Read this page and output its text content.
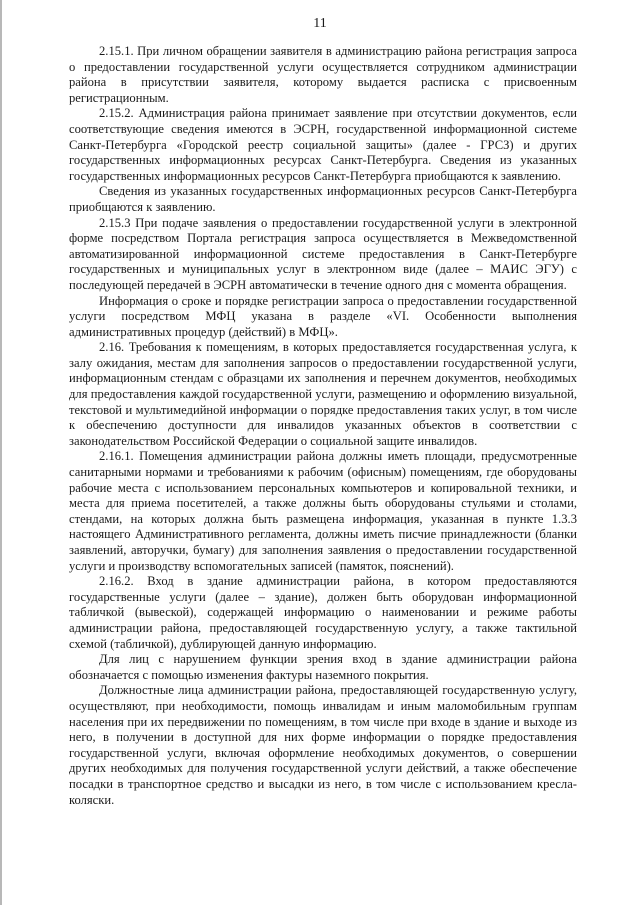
11

2.15.1. При личном обращении заявителя в администрацию района регистрация запроса о предоставлении государственной услуги осуществляется сотрудником администрации района в присутствии заявителя, которому выдается расписка с присвоенным регистрационным.

2.15.2. Администрация района принимает заявление при отсутствии документов, если соответствующие сведения имеются в ЭСРН, государственной информационной системе Санкт-Петербурга «Городской реестр социальной защиты» (далее - ГРСЗ) и других государственных информационных ресурсах Санкт-Петербурга. Сведения из указанных государственных информационных ресурсов Санкт-Петербурга приобщаются к заявлению.

Сведения из указанных государственных информационных ресурсов Санкт-Петербурга приобщаются к заявлению.

2.15.3 При подаче заявления о предоставлении государственной услуги в электронной форме посредством Портала регистрация запроса осуществляется в Межведомственной автоматизированной информационной системе предоставления в Санкт-Петербурге государственных и муниципальных услуг в электронном виде (далее – МАИС ЭГУ) с последующей передачей в ЭСРН автоматически в течение одного дня с момента обращения.

Информация о сроке и порядке регистрации запроса о предоставлении государственной услуги посредством МФЦ указана в разделе «VI. Особенности выполнения административных процедур (действий) в МФЦ».

2.16. Требования к помещениям, в которых предоставляется государственная услуга, к залу ожидания, местам для заполнения запросов о предоставлении государственной услуги, информационным стендам с образцами их заполнения и перечнем документов, необходимых для предоставления каждой государственной услуги, размещению и оформлению визуальной, текстовой и мультимедийной информации о порядке предоставления таких услуг, в том числе к обеспечению доступности для инвалидов указанных объектов в соответствии с законодательством Российской Федерации о социальной защите инвалидов.

2.16.1. Помещения администрации района должны иметь площади, предусмотренные санитарными нормами и требованиями к рабочим (офисным) помещениям, где оборудованы рабочие места с использованием персональных компьютеров и копировальной техники, и места для приема посетителей, а также должны быть оборудованы стульями и столами, стендами, на которых должна быть размещена информация, указанная в пункте 1.3.3 настоящего Административного регламента, должны иметь писчие принадлежности (бланки заявлений, авторучки, бумагу) для заполнения заявления о предоставлении государственной услуги и производству вспомогательных записей (памяток, пояснений).

2.16.2. Вход в здание администрации района, в котором предоставляются государственные услуги (далее – здание), должен быть оборудован информационной табличкой (вывеской), содержащей информацию о наименовании и режиме работы администрации района, предоставляющей государственную услугу, а также тактильной схемой (табличкой), дублирующей данную информацию.

Для лиц с нарушением функции зрения вход в здание администрации района обозначается с помощью изменения фактуры наземного покрытия.

Должностные лица администрации района, предоставляющей государственную услугу, осуществляют, при необходимости, помощь инвалидам и иным маломобильным группам населения при их передвижении по помещениям, в том числе при входе в здание и выходе из него, в получении в доступной для них форме информации о порядке предоставления государственной услуги, включая оформление необходимых документов, о совершении других необходимых для получения государственной услуги действий, а также обеспечение посадки в транспортное средство и высадки из него, в том числе с использованием кресла-коляски.
